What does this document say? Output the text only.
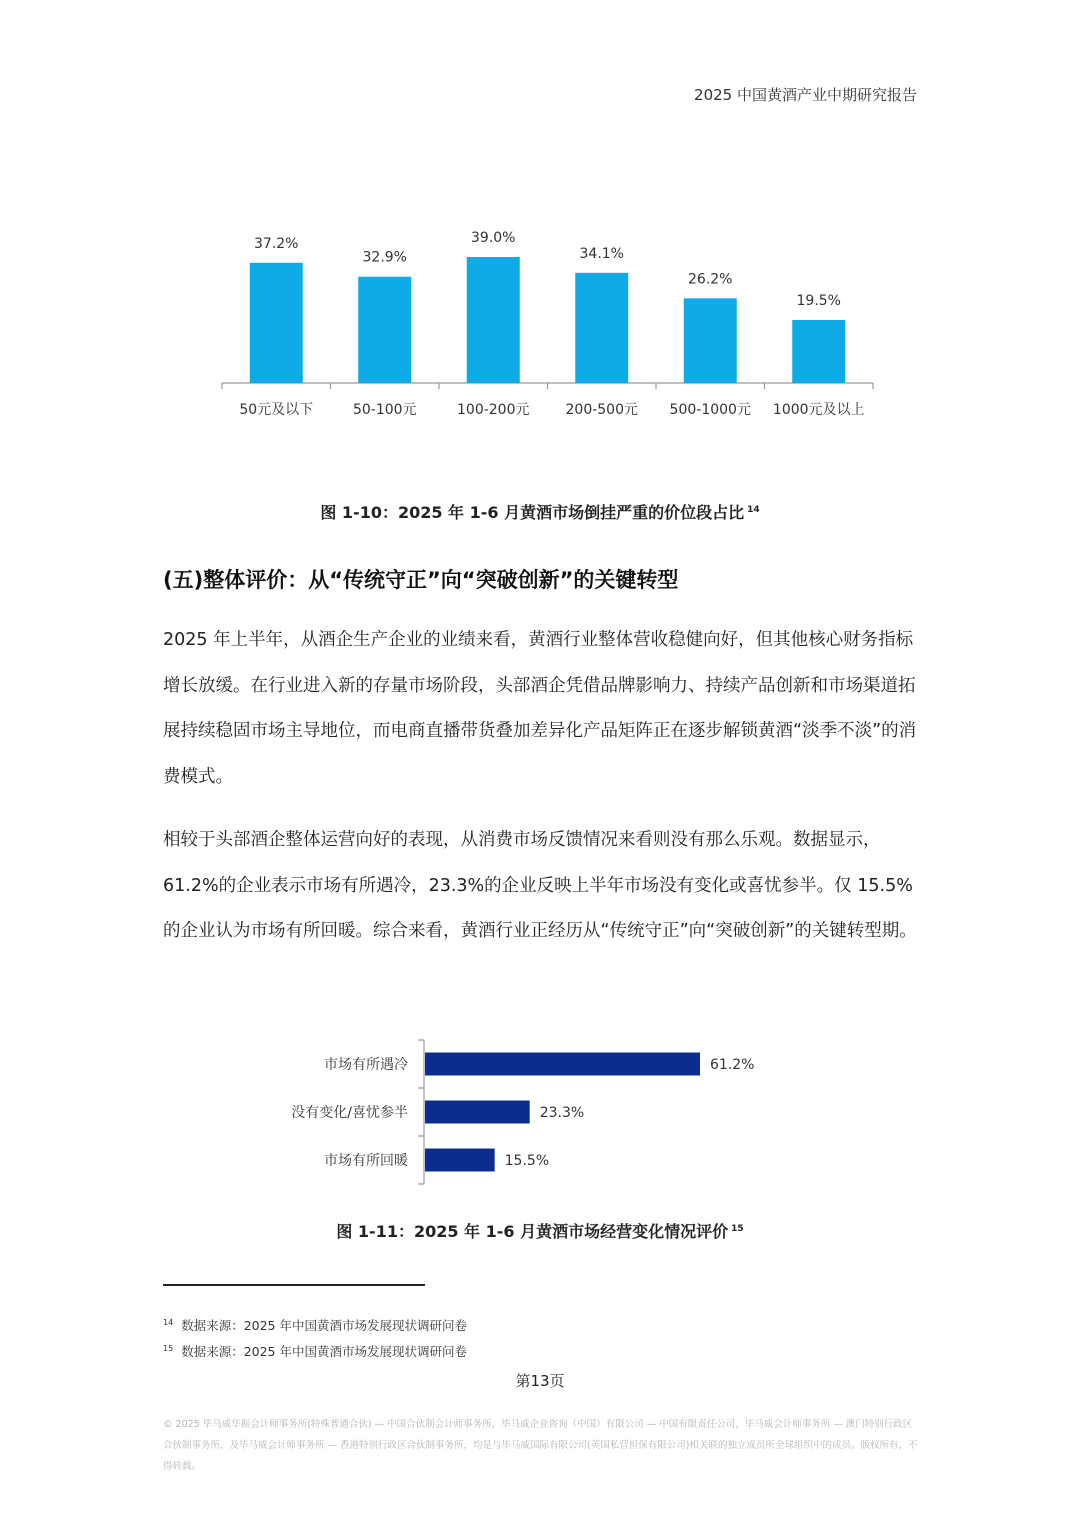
2025 中国黄酒产业中期研究报告
37.2%
50元及以下
32.9%
50-100元
39.0%
100-200元
34.1%
200-500元
26.2%
500-1000元
19.5%
1000元及以上
图 1-10：2025 年 1-6 月黄酒市场倒挂严重的价位段占比 $^{14}$
(五)整体评价：从“传统守正”向“突破创新”的关键转型

2025 年上半年，从酒企生产企业的业绩来看，黄酒行业整体营收稳健向好，但其他核心财务指标增长放缓。在行业进入新的存量市场阶段，头部酒企凭借品牌影响力、持续产品创新和市场渠道拓展持续稳固市场主导地位，而电商直播带货叠加差异化产品矩阵正在逐步解锁黄酒“淡季不淡”的消费模式。

相较于头部酒企整体运营向好的表现，从消费市场反馈情况来看则没有那么乐观。数据显示，61.2%的企业表示市场有所遇冷，23.3%的企业反映上半年市场没有变化或喜忧参半。仅 15.5%的企业认为市场有所回暖。综合来看，黄酒行业正经历从“传统守正”向“突破创新”的关键转型期。

61.2%
市场有所遇冷
23.3%
没有变化/喜忧参半
15.5%
市场有所回暖
图 1-11：2025 年 1-6 月黄酒市场经营变化情况评价 $^{15}$
$^{14}$ 数据来源：2025 年中国黄酒市场发展现状调研问卷
$^{15}$ 数据来源：2025 年中国黄酒市场发展现状调研问卷
第13页

© 2025 毕马威华振会计师事务所(特殊普通合伙) — 中国合伙制会计师事务所，毕马威企业咨询（中国）有限公司 — 中国有限责任公司，毕马威会计师事务所 — 澳门特别行政区合伙制事务所，及毕马威会计师事务所 — 香港特别行政区合伙制事务所，均是与毕马威国际有限公司(英国私营担保有限公司)相关联的独立成员所全球组织中的成员。版权所有，不得转载。
